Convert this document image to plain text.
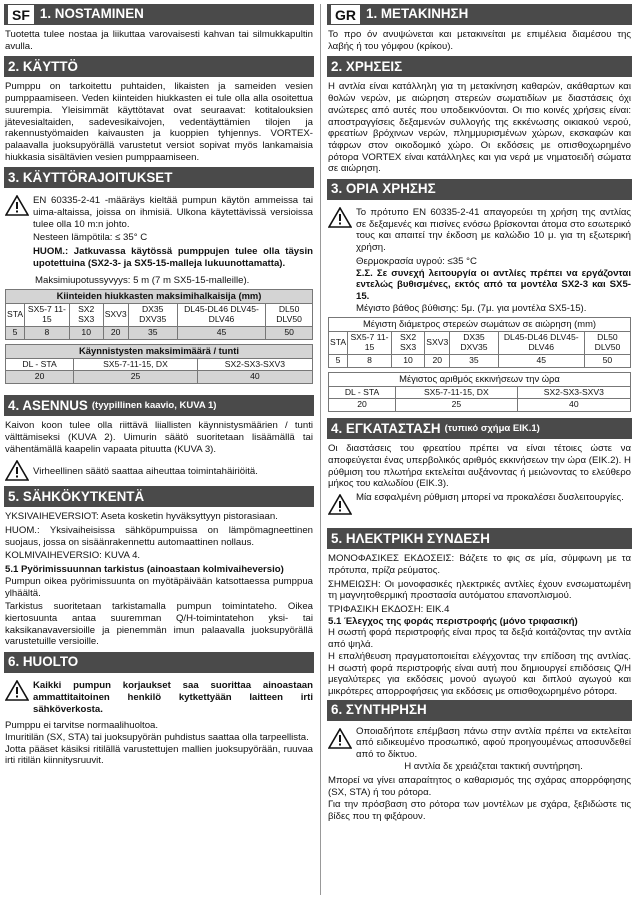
SF 1. NOSTAMINEN

Tuotetta tulee nostaa ja liikuttaa varovaisesti kahvan tai silmukkapultin avulla.

2. KÄYTTÖ

Pumppu on tarkoitettu puhtaiden, likaisten ja sameiden vesien pumppaamiseen. Veden kiinteiden hiukkasten ei tule olla alla osoitettua suurempia. Yleisimmät käyttötavat ovat seuraavat: kotitalouksien jätevesialtaiden, sadevesikaivojen, vedentäyttämien tilojen ja rakennustyömaiden kaivausten ja kuoppien tyhjennys. VORTEX-palaavalla juoksupyörällä varustetut versiot sopivat myös lankamaisia hiukkasia sisältävien vesien pumppaamiseen.

3. KÄYTTÖRAJOITUKSET

EN 60335-2-41 -määräys kieltää pumpun käytön ammeissa tai uima-altaissa, joissa on ihmisiä. Ulkona käytettävissä versioissa tulee olla 10 m:n johto.

Nesteen lämpötila: ≤ 35° C

HUOM.: Jatkuvassa käytössä pumppujen tulee olla täysin upotettuina (SX2-3- ja SX5-15-malleja lukuunottamatta).

Maksimiupotussyvyys: 5 m (7 m SX5-15-malleille).

Kiinteiden hiukkasten maksimihalkaisija (mm)						
STA	SX5-7 11-15	SX2 SX3	SXV3	DX35 DXV35	DL45-DL46 DLV45-DLV46	DL50 DLV50
5	8	10	20	35	45	50
Käynnistysten maksimimäärä / tunti		
DL - STA	SX5-7-11-15, DX	SX2-SX3-SXV3
20	25	40
4. ASENNUS (tyypillinen kaavio, KUVA 1)

Kaivon koon tulee olla riittävä liiallisten käynnistysmäärien / tunti välttämiseksi (KUVA 2). Uimurin säätö suoritetaan lisäämällä tai vähentämällä kaapelin vapaata pituutta (KUVA 3).

Virheellinen säätö saattaa aiheuttaa toimintahäiriöitä.

5. SÄHKÖKYTKENTÄ

YKSIVAIHEVERSIOT: Aseta kosketin hyväksyttyyn pistorasiaan.

HUOM.: Yksivaiheisissa sähköpumpuissa on lämpömagneettinen suojaus, jossa on sisäänrakennettu automaattinen nollaus.

KOLMIVAIHEVERSIO: KUVA 4.

5.1 Pyörimissuunnan tarkistus (ainoastaan kolmivaiheversio)

Pumpun oikea pyörimissuunta on myötäpäivään katsottaessa pumppua ylhäältä.

Tarkistus suoritetaan tarkistamalla pumpun toimintateho. Oikea kiertosuunta antaa suuremman Q/H-toimintatehon yksi- tai kaksikanavaversioille ja pienemmän imun palaavalla juoksupyörällä varustetuille versioille.

6. HUOLTO

Kaikki pumpun korjaukset saa suorittaa ainoastaan ammattitaitoinen henkilö kytkettyään laitteen irti sähköverkosta.

Pumppu ei tarvitse normaalihuoltoa.

Imuritilän (SX, STA) tai juoksupyörän puhdistus saattaa olla tarpeellista.

Jotta pääset käsiksi ritilällä varustettujen mallien juoksupyörään, ruuvaa irti ritilän kiinnitysruuvit.

GR 1. ΜΕΤΑΚΙΝΗΣΗ

Το προ όν ανυψώνεται και μετακινείται με επιμέλεια διαμέσου της λαβής ή του γόμφου (κρίκου).

2. ΧΡΗΣΕΙΣ

Η αντλία είναι κατάλληλη για τη μετακίνηση καθαρών, ακάθαρτων και θολών νερών, με αιώρηση στερεών σωματιδίων με διαστάσεις όχι ανώτερες από αυτές που υποδεικνύονται. Οι πιο κοινές χρήσεις είναι: αποστραγγίσεις δεξαμενών συλλογής της εκκένωσης οικιακού νερού, φρεατίων βρόχινων νερών, πλημμυρισμένων χώρων, εκσκαφών και τάφρων στον οικοδομικό χώρο. Οι εκδόσεις με οπισθοχωρημένο ρότορα VORTEX είναι κατάλληλες και για νερά με νηματοειδή σώματα σε αιώρηση.

3. ΟΡΙΑ ΧΡΗΣΗΣ

Το πρότυπο EN 60335-2-41 απαγορεύει τη χρήση της αντλίας σε δεξαμενές και πισίνες ενόσω βρίσκονται άτομα στο εσωτερικό τους και απαιτεί την έκδοση με καλώδιο 10 μ. για τη εξωτερική χρήση.

Θερμοκρασία υγρού: ≤35 °C

Σ.Σ. Σε συνεχή λειτουργία οι αντλίες πρέπει να εργάζονται εντελώς βυθισμένες, εκτός από τα μοντέλα SX2-3 και SX5-15.

Μέγιστο βάθος βύθισης: 5μ. (7μ. για μοντέλα SX5-15).

Μέγιστη διάμετρος στερεών σωμάτων σε αιώρηση (mm)						
STA	SX5-7 11-15	SX2 SX3	SXV3	DX35 DXV35	DL45-DL46 DLV45-DLV46	DL50 DLV50
5	8	10	20	35	45	50
Μέγιστος αριθμός εκκινήσεων την ώρα		
DL - STA	SX5-7-11-15, DX	SX2-SX3-SXV3
20	25	40
4. ΕΓΚΑΤΑΣΤΑΣΗ (τυπικό σχήμα ΕΙΚ.1)

Οι διαστάσεις του φρεατίου πρέπει να είναι τέτοιες ώστε να αποφεύγεται ένας υπερβολικός αριθμός εκκινήσεων την ώρα (ΕΙΚ.2). Η ρύθμιση του πλωτήρα εκτελείται αυξάνοντας ή μειώνοντας το ελεύθερο μήκος του καλωδίου (ΕΙΚ.3).

Μία εσφαλμένη ρύθμιση μπορεί να προκαλέσει δυσλειτουργίες.

5. ΗΛΕΚΤΡΙΚΗ ΣΥΝΔΕΣΗ

ΜΟΝΟΦΑΣΙΚΕΣ ΕΚΔΟΣΕΙΣ: Βάζετε το φις σε μία, σύμφωνη με τα πρότυπα, πρίζα ρεύματος.

ΣΗΜΕΙΩΣΗ: Οι μονοφασικές ηλεκτρικές αντλίες έχουν ενσωματωμένη τη μαγνητοθερμική προστασία αυτόματου επανοπλισμού.

ΤΡΙΦΑΣΙΚΗ ΕΚΔΟΣΗ: ΕΙΚ.4

5.1 Έλεγχος της φοράς περιστροφής (μόνο τριφασική)

Η σωστή φορά περιστροφής είναι προς τα δεξιά κοιτάζοντας την αντλία από ψηλά.

Η επαλήθευση πραγματοποιείται ελέγχοντας την επίδοση της αντλίας. Η σωστή φορά περιστροφής είναι αυτή που δημιουργεί επιδόσεις Q/H μεγαλύτερες για εκδόσεις μονού αγωγού και διπλού αγωγού και μικρότερες απορροφήσεις για εκδόσεις με οπισθοχωρημένο ρότορα.

6. ΣΥΝΤΗΡΗΣΗ

Οποιαδήποτε επέμβαση πάνω στην αντλία πρέπει να εκτελείται από ειδικευμένο προσωπικό, αφού προηγουμένως αποσυνδεθεί από το δίκτυο.

Η αντλία δε χρειάζεται τακτική συντήρηση.

Μπορεί να γίνει απαραίτητος ο καθαρισμός της σχάρας απορρόφησης (SX, STA) ή του ρότορα.

Για την πρόσβαση στο ρότορα των μοντέλων με σχάρα, ξεβιδώστε τις βίδες που τη φιξάρουν.
